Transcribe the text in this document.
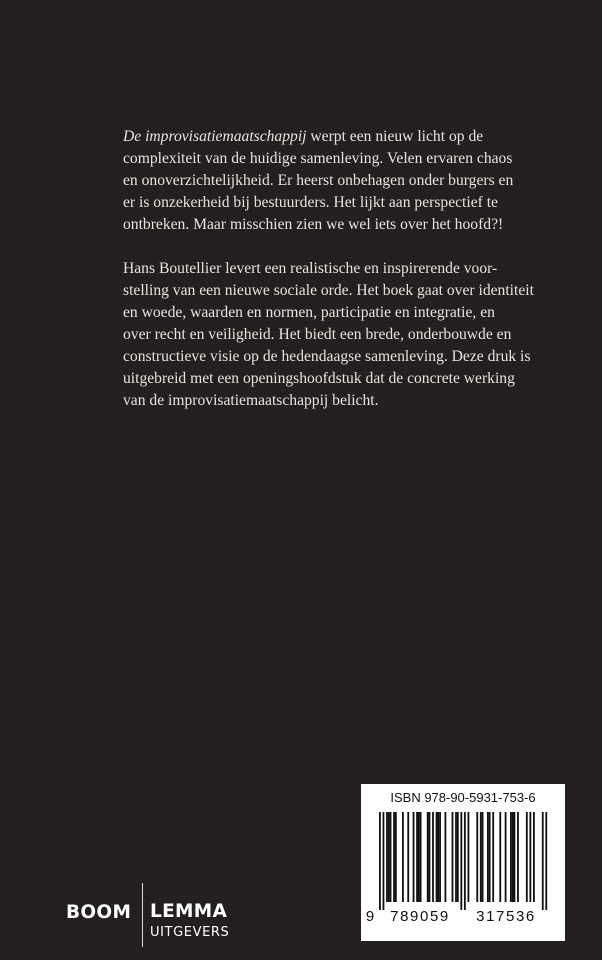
De improvisatiemaatschappij werpt een nieuw licht op de
complexiteit van de huidige samenleving. Velen ervaren chaos
en onoverzichtelijkheid. Er heerst onbehagen onder burgers en
er is onzekerheid bij bestuurders. Het lijkt aan perspectief te
ontbreken. Maar misschien zien we wel iets over het hoofd?!

Hans Boutellier levert een realistische en inspirerende voor-
stelling van een nieuwe sociale orde. Het boek gaat over identiteit
en woede, waarden en normen, participatie en integratie, en
over recht en veiligheid. Het biedt een brede, onderbouwde en
constructieve visie op de hedendaagse samenleving. Deze druk is
uitgebreid met een openingshoofdstuk dat de concrete werking
van de improvisatiemaatschappij belicht.

ISBN 978-90-5931-753-6
9 789059 317536
BOOM LEMMA
UITGEVERS
